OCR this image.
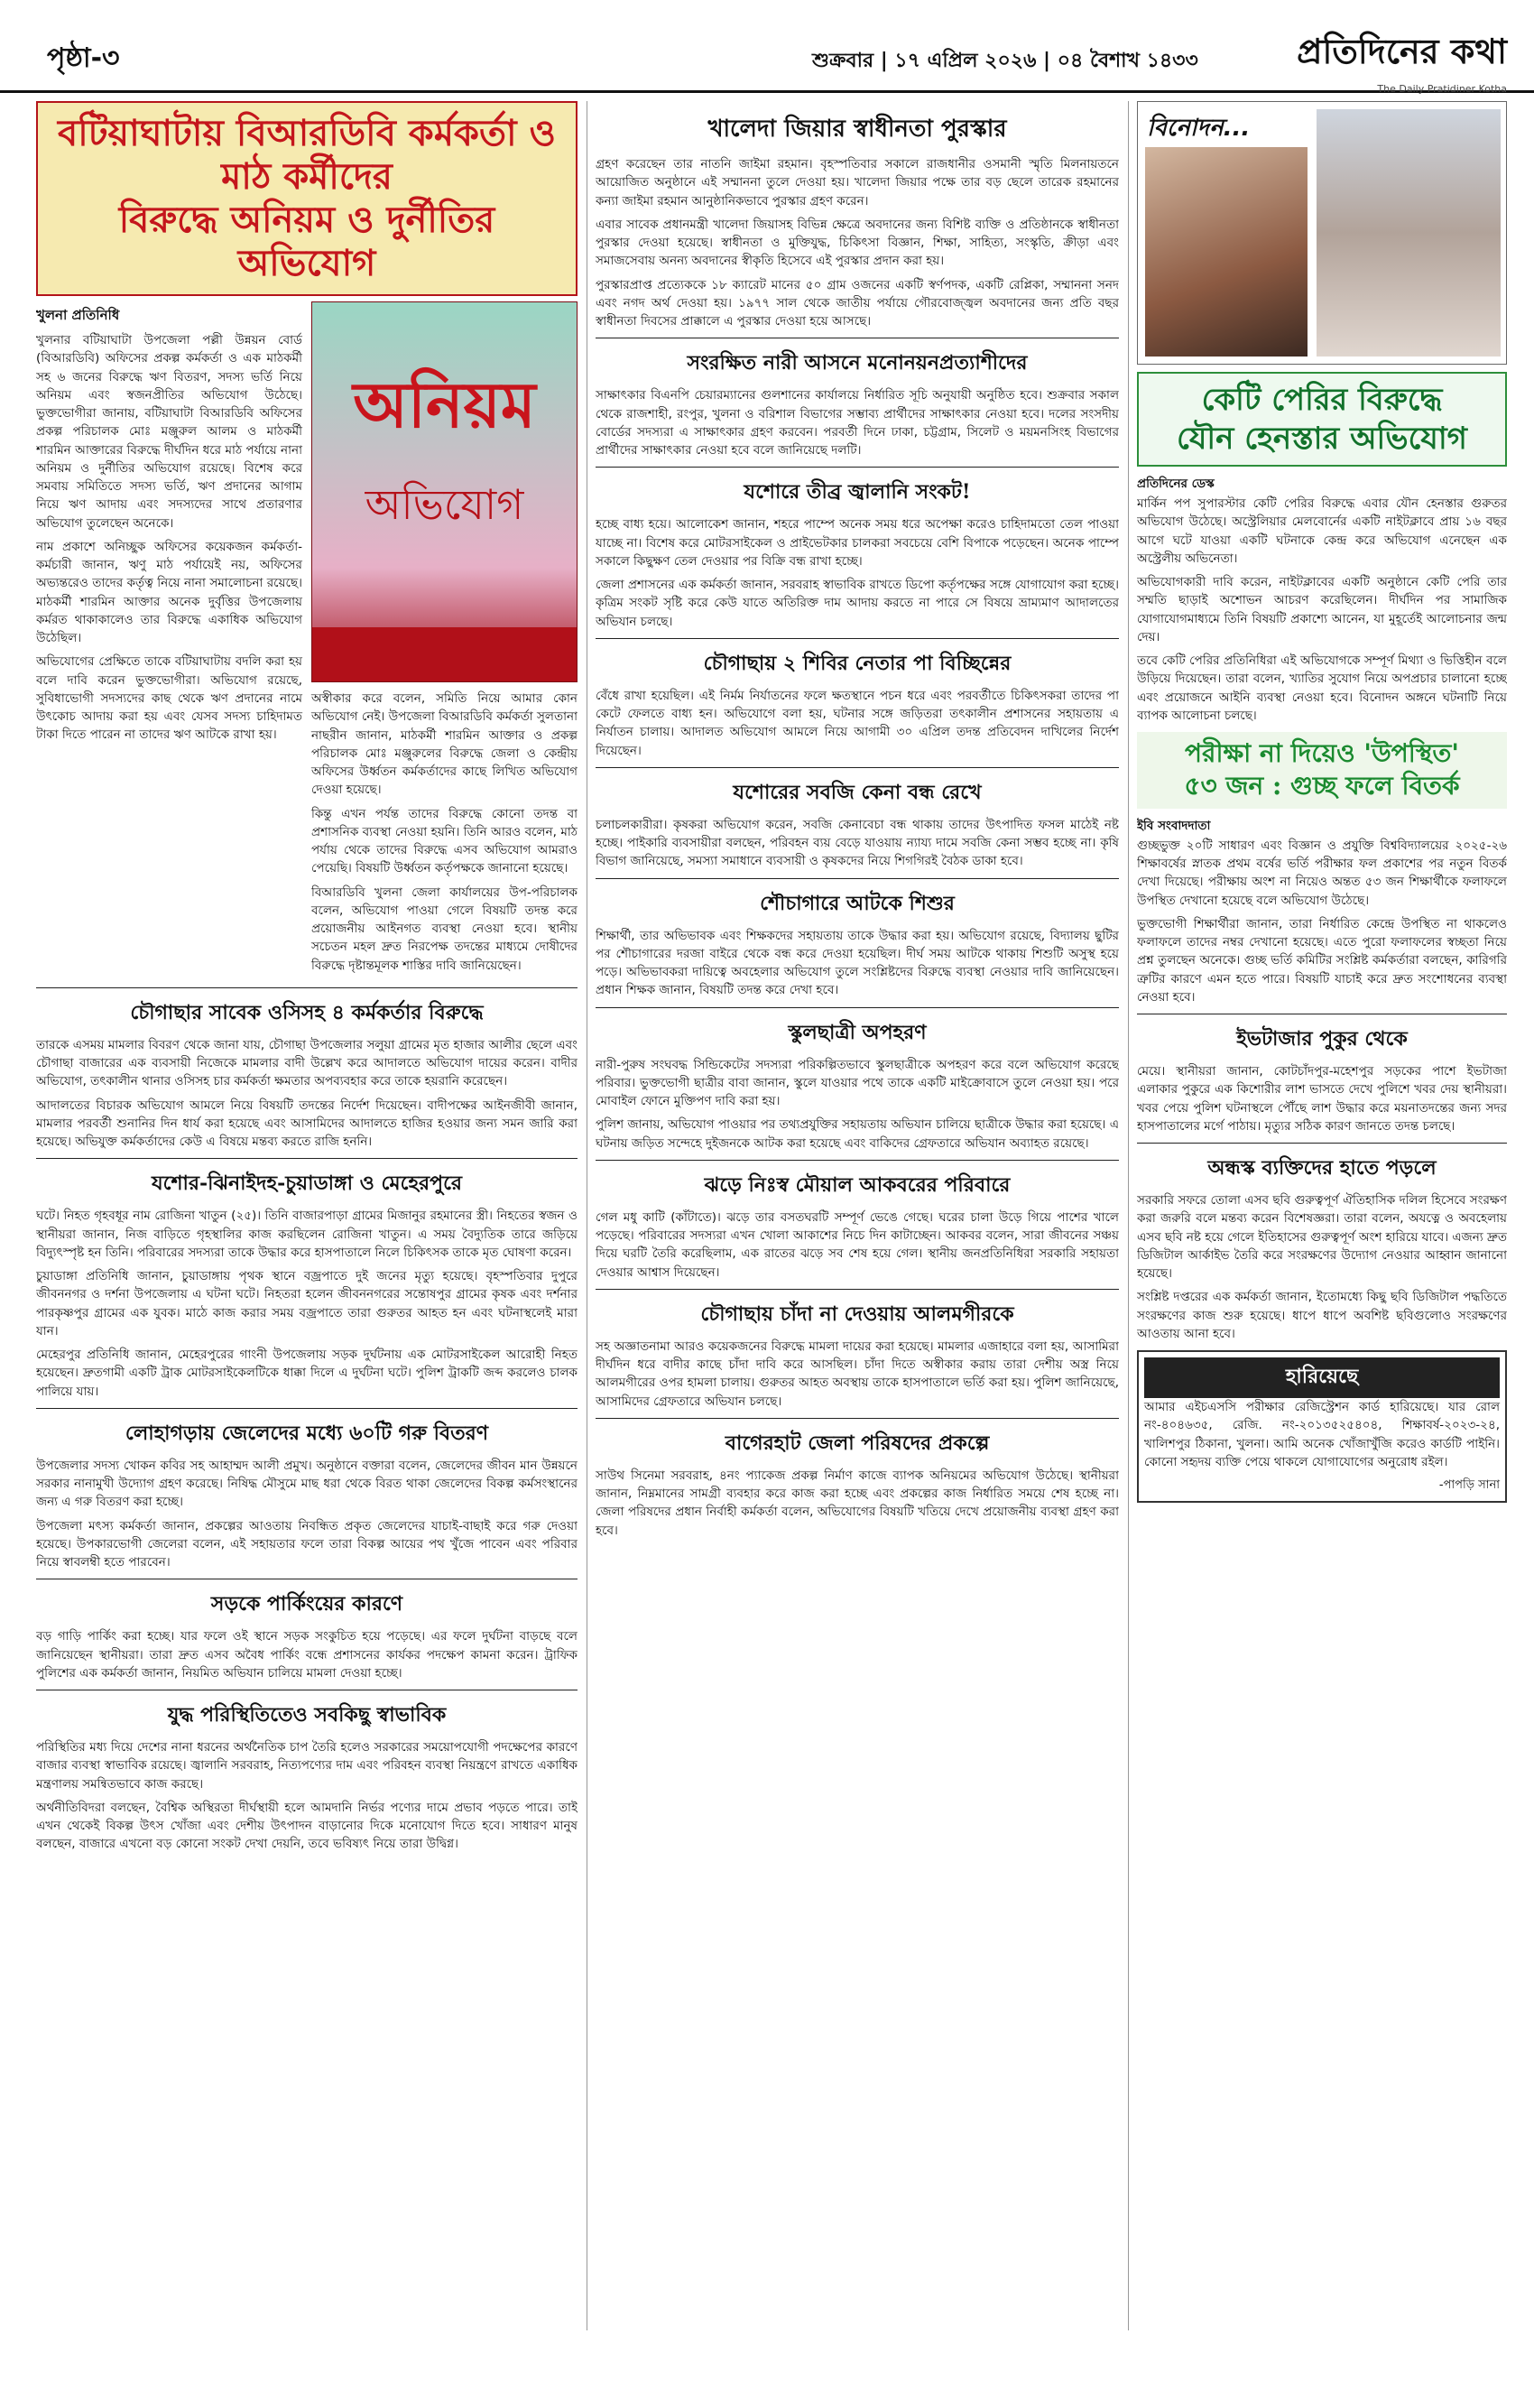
পৃষ্ঠা-৩	শুক্রবার | ১৭ এপ্রিল ২০২৬ | ০৪ বৈশাখ ১৪৩৩	প্রতিদিনের কথা
The Daily Pratidiner Kotha
বটিয়াঘাটায় বিআরডিবি কর্মকর্তা ও মাঠ কর্মীদের
বিরুদ্ধে অনিয়ম ও দুর্নীতির অভিযোগ
খুলনা প্রতিনিধি

খুলনার বটিয়াঘাটা উপজেলা পল্লী উন্নয়ন বোর্ড (বিআরডিবি) অফিসের প্রকল্প কর্মকর্তা ও এক মাঠকর্মী সহ ৬ জনের বিরুদ্ধে ঋণ বিতরণ, সদস্য ভর্তি নিয়ে অনিয়ম এবং স্বজনপ্রীতির অভিযোগ উঠেছে। ভুক্তভোগীরা জানায়, বটিয়াঘাটা বিআরডিবি অফিসের প্রকল্প পরিচালক মোঃ মঞ্জুরুল আলম ও মাঠকর্মী শারমিন আক্তারের বিরুদ্ধে দীর্ঘদিন ধরে মাঠ পর্যায়ে নানা অনিয়ম ও দুর্নীতির অভিযোগ রয়েছে। বিশেষ করে সমবায় সমিতিতে সদস্য ভর্তি, ঋণ প্রদানের আগাম নিয়ে ঋণ আদায় এবং সদস্যদের সাথে প্রতারণার অভিযোগ তুলেছেন অনেকে।

নাম প্রকাশে অনিচ্ছুক অফিসের কয়েকজন কর্মকর্তা-কর্মচারী জানান, ঋণু মাঠ পর্যায়েই নয়, অফিসের অভ্যন্তরেও তাদের কর্তৃত্ব নিয়ে নানা সমালোচনা রয়েছে। মাঠকর্মী শারমিন আক্তার অনেক দুর্বৃত্তির উপজেলায় কর্মরত থাকাকালেও তার বিরুদ্ধে একাধিক অভিযোগ উঠেছিল।

অভিযোগের প্রেক্ষিতে তাকে বটিয়াঘাটায় বদলি করা হয় বলে দাবি করেন ভুক্তভোগীরা। অভিযোগ রয়েছে, সুবিধাভোগী সদস্যদের কাছ থেকে ঋণ প্রদানের নামে উৎকোচ আদায় করা হয় এবং যেসব সদস্য চাহিদামত টাকা দিতে পারেন না তাদের ঋণ আটকে রাখা হয়।

অনিয়ম
অভিযোগ

অস্বীকার করে বলেন, সমিতি নিয়ে আমার কোন অভিযোগ নেই। উপজেলা বিআরডিবি কর্মকর্তা সুলতানা নাছরীন জানান, মাঠকর্মী শারমিন আক্তার ও প্রকল্প পরিচালক মোঃ মঞ্জুরুলের বিরুদ্ধে জেলা ও কেন্দ্রীয় অফিসের উর্ধ্বতন কর্মকর্তাদের কাছে লিখিত অভিযোগ দেওয়া হয়েছে।

কিন্তু এখন পর্যন্ত তাদের বিরুদ্ধে কোনো তদন্ত বা প্রশাসনিক ব্যবস্থা নেওয়া হয়নি। তিনি আরও বলেন, মাঠ পর্যায় থেকে তাদের বিরুদ্ধে এসব অভিযোগ আমরাও পেয়েছি। বিষয়টি উর্ধ্বতন কর্তৃপক্ষকে জানানো হয়েছে।

বিআরডিবি খুলনা জেলা কার্যালয়ের উপ-পরিচালক বলেন, অভিযোগ পাওয়া গেলে বিষয়টি তদন্ত করে প্রয়োজনীয় আইনগত ব্যবস্থা নেওয়া হবে। স্থানীয় সচেতন মহল দ্রুত নিরপেক্ষ তদন্তের মাধ্যমে দোষীদের বিরুদ্ধে দৃষ্টান্তমূলক শাস্তির দাবি জানিয়েছেন।

চৌগাছার সাবেক ওসিসহ ৪ কর্মকর্তার বিরুদ্ধে

তারকে এসময় মামলার বিবরণ থেকে জানা যায়, চৌগাছা উপজেলার সলুয়া গ্রামের মৃত হাজার আলীর ছেলে এবং চৌগাছা বাজারের এক ব্যবসায়ী নিজেকে মামলার বাদী উল্লেখ করে আদালতে অভিযোগ দায়ের করেন। বাদীর অভিযোগ, তৎকালীন থানার ওসিসহ চার কর্মকর্তা ক্ষমতার অপব্যবহার করে তাকে হয়রানি করেছেন।

আদালতের বিচারক অভিযোগ আমলে নিয়ে বিষয়টি তদন্তের নির্দেশ দিয়েছেন। বাদীপক্ষের আইনজীবী জানান, মামলার পরবর্তী শুনানির দিন ধার্য করা হয়েছে এবং আসামিদের আদালতে হাজির হওয়ার জন্য সমন জারি করা হয়েছে। অভিযুক্ত কর্মকর্তাদের কেউ এ বিষয়ে মন্তব্য করতে রাজি হননি।

যশোর-ঝিনাইদহ-চুয়াডাঙ্গা ও মেহেরপুরে

ঘটে। নিহত গৃহবধূর নাম রোজিনা খাতুন (২৫)। তিনি বাজারপাড়া গ্রামের মিজানুর রহমানের স্ত্রী। নিহতের স্বজন ও স্থানীয়রা জানান, নিজ বাড়িতে গৃহস্থালির কাজ করছিলেন রোজিনা খাতুন। এ সময় বৈদ্যুতিক তারে জড়িয়ে বিদ্যুৎস্পৃষ্ট হন তিনি। পরিবারের সদস্যরা তাকে উদ্ধার করে হাসপাতালে নিলে চিকিৎসক তাকে মৃত ঘোষণা করেন।

চুয়াডাঙ্গা প্রতিনিধি জানান, চুয়াডাঙ্গায় পৃথক স্থানে বজ্রপাতে দুই জনের মৃত্যু হয়েছে। বৃহস্পতিবার দুপুরে জীবননগর ও দর্শনা উপজেলায় এ ঘটনা ঘটে। নিহতরা হলেন জীবননগরের সন্তোষপুর গ্রামের কৃষক এবং দর্শনার পারকৃষ্ণপুর গ্রামের এক যুবক। মাঠে কাজ করার সময় বজ্রপাতে তারা গুরুতর আহত হন এবং ঘটনাস্থলেই মারা যান।

মেহেরপুর প্রতিনিধি জানান, মেহেরপুরের গাংনী উপজেলায় সড়ক দুর্ঘটনায় এক মোটরসাইকেল আরোহী নিহত হয়েছেন। দ্রুতগামী একটি ট্রাক মোটরসাইকেলটিকে ধাক্কা দিলে এ দুর্ঘটনা ঘটে। পুলিশ ট্রাকটি জব্দ করলেও চালক পালিয়ে যায়।

লোহাগড়ায় জেলেদের মধ্যে ৬০টি গরু বিতরণ

উপজেলার সদস্য খোকন কবির সহ আহাম্মদ আলী প্রমুখ। অনুষ্ঠানে বক্তারা বলেন, জেলেদের জীবন মান উন্নয়নে সরকার নানামুখী উদ্যোগ গ্রহণ করেছে। নিষিদ্ধ মৌসুমে মাছ ধরা থেকে বিরত থাকা জেলেদের বিকল্প কর্মসংস্থানের জন্য এ গরু বিতরণ করা হচ্ছে।

উপজেলা মৎস্য কর্মকর্তা জানান, প্রকল্পের আওতায় নিবন্ধিত প্রকৃত জেলেদের যাচাই-বাছাই করে গরু দেওয়া হয়েছে। উপকারভোগী জেলেরা বলেন, এই সহায়তার ফলে তারা বিকল্প আয়ের পথ খুঁজে পাবেন এবং পরিবার নিয়ে স্বাবলম্বী হতে পারবেন।

সড়কে পার্কিংয়ের কারণে

বড় গাড়ি পার্কিং করা হচ্ছে। যার ফলে ওই স্থানে সড়ক সংকুচিত হয়ে পড়েছে। এর ফলে দুর্ঘটনা বাড়ছে বলে জানিয়েছেন স্থানীয়রা। তারা দ্রুত এসব অবৈধ পার্কিং বন্ধে প্রশাসনের কার্যকর পদক্ষেপ কামনা করেন। ট্রাফিক পুলিশের এক কর্মকর্তা জানান, নিয়মিত অভিযান চালিয়ে মামলা দেওয়া হচ্ছে।

যুদ্ধ পরিস্থিতিতেও সবকিছু স্বাভাবিক

পরিস্থিতির মধ্য দিয়ে দেশের নানা ধরনের অর্থনৈতিক চাপ তৈরি হলেও সরকারের সময়োপযোগী পদক্ষেপের কারণে বাজার ব্যবস্থা স্বাভাবিক রয়েছে। জ্বালানি সরবরাহ, নিত্যপণ্যের দাম এবং পরিবহন ব্যবস্থা নিয়ন্ত্রণে রাখতে একাধিক মন্ত্রণালয় সমন্বিতভাবে কাজ করছে।

অর্থনীতিবিদরা বলছেন, বৈশ্বিক অস্থিরতা দীর্ঘস্থায়ী হলে আমদানি নির্ভর পণ্যের দামে প্রভাব পড়তে পারে। তাই এখন থেকেই বিকল্প উৎস খোঁজা এবং দেশীয় উৎপাদন বাড়ানোর দিকে মনোযোগ দিতে হবে। সাধারণ মানুষ বলছেন, বাজারে এখনো বড় কোনো সংকট দেখা দেয়নি, তবে ভবিষ্যৎ নিয়ে তারা উদ্বিগ্ন।

খালেদা জিয়ার স্বাধীনতা পুরস্কার

গ্রহণ করেছেন তার নাতনি জাইমা রহমান। বৃহস্পতিবার সকালে রাজধানীর ওসমানী স্মৃতি মিলনায়তনে আয়োজিত অনুষ্ঠানে এই সম্মাননা তুলে দেওয়া হয়। খালেদা জিয়ার পক্ষে তার বড় ছেলে তারেক রহমানের কন্যা জাইমা রহমান আনুষ্ঠানিকভাবে পুরস্কার গ্রহণ করেন।

এবার সাবেক প্রধানমন্ত্রী খালেদা জিয়াসহ বিভিন্ন ক্ষেত্রে অবদানের জন্য বিশিষ্ট ব্যক্তি ও প্রতিষ্ঠানকে স্বাধীনতা পুরস্কার দেওয়া হয়েছে। স্বাধীনতা ও মুক্তিযুদ্ধ, চিকিৎসা বিজ্ঞান, শিক্ষা, সাহিত্য, সংস্কৃতি, ক্রীড়া এবং সমাজসেবায় অনন্য অবদানের স্বীকৃতি হিসেবে এই পুরস্কার প্রদান করা হয়।

পুরস্কারপ্রাপ্ত প্রত্যেককে ১৮ ক্যারেট মানের ৫০ গ্রাম ওজনের একটি স্বর্ণপদক, একটি রেপ্লিকা, সম্মাননা সনদ এবং নগদ অর্থ দেওয়া হয়। ১৯৭৭ সাল থেকে জাতীয় পর্যায়ে গৌরবোজ্জ্বল অবদানের জন্য প্রতি বছর স্বাধীনতা দিবসের প্রাক্কালে এ পুরস্কার দেওয়া হয়ে আসছে।

সংরক্ষিত নারী আসনে মনোনয়নপ্রত্যাশীদের

সাক্ষাৎকার বিএনপি চেয়ারম্যানের গুলশানের কার্যালয়ে নির্ধারিত সূচি অনুযায়ী অনুষ্ঠিত হবে। শুক্রবার সকাল থেকে রাজশাহী, রংপুর, খুলনা ও বরিশাল বিভাগের সম্ভাব্য প্রার্থীদের সাক্ষাৎকার নেওয়া হবে। দলের সংসদীয় বোর্ডের সদস্যরা এ সাক্ষাৎকার গ্রহণ করবেন। পরবর্তী দিনে ঢাকা, চট্টগ্রাম, সিলেট ও ময়মনসিংহ বিভাগের প্রার্থীদের সাক্ষাৎকার নেওয়া হবে বলে জানিয়েছে দলটি।

যশোরে তীব্র জ্বালানি সংকট!

হচ্ছে বাধ্য হয়ে। আলোকেশ জানান, শহরে পাম্পে অনেক সময় ধরে অপেক্ষা করেও চাহিদামতো তেল পাওয়া যাচ্ছে না। বিশেষ করে মোটরসাইকেল ও প্রাইভেটকার চালকরা সবচেয়ে বেশি বিপাকে পড়েছেন। অনেক পাম্পে সকালে কিছুক্ষণ তেল দেওয়ার পর বিক্রি বন্ধ রাখা হচ্ছে।

জেলা প্রশাসনের এক কর্মকর্তা জানান, সরবরাহ স্বাভাবিক রাখতে ডিপো কর্তৃপক্ষের সঙ্গে যোগাযোগ করা হচ্ছে। কৃত্রিম সংকট সৃষ্টি করে কেউ যাতে অতিরিক্ত দাম আদায় করতে না পারে সে বিষয়ে ভ্রাম্যমাণ আদালতের অভিযান চলছে।

চৌগাছায় ২ শিবির নেতার পা বিচ্ছিন্নের

বেঁধে রাখা হয়েছিল। এই নির্মম নির্যাতনের ফলে ক্ষতস্থানে পচন ধরে এবং পরবর্তীতে চিকিৎসকরা তাদের পা কেটে ফেলতে বাধ্য হন। অভিযোগে বলা হয়, ঘটনার সঙ্গে জড়িতরা তৎকালীন প্রশাসনের সহায়তায় এ নির্যাতন চালায়। আদালত অভিযোগ আমলে নিয়ে আগামী ৩০ এপ্রিল তদন্ত প্রতিবেদন দাখিলের নির্দেশ দিয়েছেন।

যশোরের সবজি কেনা বন্ধ রেখে

চলাচলকারীরা। কৃষকরা অভিযোগ করেন, সবজি কেনাবেচা বন্ধ থাকায় তাদের উৎপাদিত ফসল মাঠেই নষ্ট হচ্ছে। পাইকারি ব্যবসায়ীরা বলছেন, পরিবহন ব্যয় বেড়ে যাওয়ায় ন্যায্য দামে সবজি কেনা সম্ভব হচ্ছে না। কৃষি বিভাগ জানিয়েছে, সমস্যা সমাধানে ব্যবসায়ী ও কৃষকদের নিয়ে শিগগিরই বৈঠক ডাকা হবে।

শৌচাগারে আটকে শিশুর

শিক্ষার্থী, তার অভিভাবক এবং শিক্ষকদের সহায়তায় তাকে উদ্ধার করা হয়। অভিযোগ রয়েছে, বিদ্যালয় ছুটির পর শৌচাগারের দরজা বাইরে থেকে বন্ধ করে দেওয়া হয়েছিল। দীর্ঘ সময় আটকে থাকায় শিশুটি অসুস্থ হয়ে পড়ে। অভিভাবকরা দায়িত্বে অবহেলার অভিযোগ তুলে সংশ্লিষ্টদের বিরুদ্ধে ব্যবস্থা নেওয়ার দাবি জানিয়েছেন। প্রধান শিক্ষক জানান, বিষয়টি তদন্ত করে দেখা হবে।

স্কুলছাত্রী অপহরণ

নারী-পুরুষ সংঘবদ্ধ সিন্ডিকেটের সদস্যরা পরিকল্পিতভাবে স্কুলছাত্রীকে অপহরণ করে বলে অভিযোগ করেছে পরিবার। ভুক্তভোগী ছাত্রীর বাবা জানান, স্কুলে যাওয়ার পথে তাকে একটি মাইক্রোবাসে তুলে নেওয়া হয়। পরে মোবাইল ফোনে মুক্তিপণ দাবি করা হয়।

পুলিশ জানায়, অভিযোগ পাওয়ার পর তথ্যপ্রযুক্তির সহায়তায় অভিযান চালিয়ে ছাত্রীকে উদ্ধার করা হয়েছে। এ ঘটনায় জড়িত সন্দেহে দুইজনকে আটক করা হয়েছে এবং বাকিদের গ্রেফতারে অভিযান অব্যাহত রয়েছে।

ঝড়ে নিঃস্ব মৌয়াল আকবরের পরিবারে

গেল মধু কাটি (কাঁটাতে)। ঝড়ে তার বসতঘরটি সম্পূর্ণ ভেঙে গেছে। ঘরের চালা উড়ে গিয়ে পাশের খালে পড়েছে। পরিবারের সদস্যরা এখন খোলা আকাশের নিচে দিন কাটাচ্ছেন। আকবর বলেন, সারা জীবনের সঞ্চয় দিয়ে ঘরটি তৈরি করেছিলাম, এক রাতের ঝড়ে সব শেষ হয়ে গেল। স্থানীয় জনপ্রতিনিধিরা সরকারি সহায়তা দেওয়ার আশ্বাস দিয়েছেন।

চৌগাছায় চাঁদা না দেওয়ায় আলমগীরকে

সহ অজ্ঞাতনামা আরও কয়েকজনের বিরুদ্ধে মামলা দায়ের করা হয়েছে। মামলার এজাহারে বলা হয়, আসামিরা দীর্ঘদিন ধরে বাদীর কাছে চাঁদা দাবি করে আসছিল। চাঁদা দিতে অস্বীকার করায় তারা দেশীয় অস্ত্র নিয়ে আলমগীরের ওপর হামলা চালায়। গুরুতর আহত অবস্থায় তাকে হাসপাতালে ভর্তি করা হয়। পুলিশ জানিয়েছে, আসামিদের গ্রেফতারে অভিযান চলছে।

বাগেরহাট জেলা পরিষদের প্রকল্পে

সাউথ সিনেমা সরবরাহ, ৪নং প্যাকেজ প্রকল্প নির্মাণ কাজে ব্যাপক অনিয়মের অভিযোগ উঠেছে। স্থানীয়রা জানান, নিম্নমানের সামগ্রী ব্যবহার করে কাজ করা হচ্ছে এবং প্রকল্পের কাজ নির্ধারিত সময়ে শেষ হচ্ছে না। জেলা পরিষদের প্রধান নির্বাহী কর্মকর্তা বলেন, অভিযোগের বিষয়টি খতিয়ে দেখে প্রয়োজনীয় ব্যবস্থা গ্রহণ করা হবে।

বিনোদন...
কেটি পেরির বিরুদ্ধে
যৌন হেনস্তার অভিযোগ
প্রতিদিনের ডেস্ক

মার্কিন পপ সুপারস্টার কেটি পেরির বিরুদ্ধে এবার যৌন হেনস্তার গুরুতর অভিযোগ উঠেছে। অস্ট্রেলিয়ার মেলবোর্নের একটি নাইটক্লাবে প্রায় ১৬ বছর আগে ঘটে যাওয়া একটি ঘটনাকে কেন্দ্র করে অভিযোগ এনেছেন এক অস্ট্রেলীয় অভিনেতা।

অভিযোগকারী দাবি করেন, নাইটক্লাবের একটি অনুষ্ঠানে কেটি পেরি তার সম্মতি ছাড়াই অশোভন আচরণ করেছিলেন। দীর্ঘদিন পর সামাজিক যোগাযোগমাধ্যমে তিনি বিষয়টি প্রকাশ্যে আনেন, যা মুহূর্তেই আলোচনার জন্ম দেয়।

তবে কেটি পেরির প্রতিনিধিরা এই অভিযোগকে সম্পূর্ণ মিথ্যা ও ভিত্তিহীন বলে উড়িয়ে দিয়েছেন। তারা বলেন, খ্যাতির সুযোগ নিয়ে অপপ্রচার চালানো হচ্ছে এবং প্রয়োজনে আইনি ব্যবস্থা নেওয়া হবে। বিনোদন অঙ্গনে ঘটনাটি নিয়ে ব্যাপক আলোচনা চলছে।

পরীক্ষা না দিয়েও 'উপস্থিত'
৫৩ জন : গুচ্ছ ফলে বিতর্ক
ইবি সংবাদদাতা

গুচ্ছভুক্ত ২০টি সাধারণ এবং বিজ্ঞান ও প্রযুক্তি বিশ্ববিদ্যালয়ের ২০২৫-২৬ শিক্ষাবর্ষের স্নাতক প্রথম বর্ষের ভর্তি পরীক্ষার ফল প্রকাশের পর নতুন বিতর্ক দেখা দিয়েছে। পরীক্ষায় অংশ না নিয়েও অন্তত ৫৩ জন শিক্ষার্থীকে ফলাফলে উপস্থিত দেখানো হয়েছে বলে অভিযোগ উঠেছে।

ভুক্তভোগী শিক্ষার্থীরা জানান, তারা নির্ধারিত কেন্দ্রে উপস্থিত না থাকলেও ফলাফলে তাদের নম্বর দেখানো হয়েছে। এতে পুরো ফলাফলের স্বচ্ছতা নিয়ে প্রশ্ন তুলছেন অনেকে। গুচ্ছ ভর্তি কমিটির সংশ্লিষ্ট কর্মকর্তারা বলছেন, কারিগরি ত্রুটির কারণে এমন হতে পারে। বিষয়টি যাচাই করে দ্রুত সংশোধনের ব্যবস্থা নেওয়া হবে।

ইভটাজার পুকুর থেকে

মেয়ে। স্থানীয়রা জানান, কোটচাঁদপুর-মহেশপুর সড়কের পাশে ইভটাজা এলাকার পুকুরে এক কিশোরীর লাশ ভাসতে দেখে পুলিশে খবর দেয় স্থানীয়রা। খবর পেয়ে পুলিশ ঘটনাস্থলে পৌঁছে লাশ উদ্ধার করে ময়নাতদন্তের জন্য সদর হাসপাতালের মর্গে পাঠায়। মৃত্যুর সঠিক কারণ জানতে তদন্ত চলছে।

অন্ধস্ক ব্যক্তিদের হাতে পড়লে

সরকারি সফরে তোলা এসব ছবি গুরুত্বপূর্ণ ঐতিহাসিক দলিল হিসেবে সংরক্ষণ করা জরুরি বলে মন্তব্য করেন বিশেষজ্ঞরা। তারা বলেন, অযত্নে ও অবহেলায় এসব ছবি নষ্ট হয়ে গেলে ইতিহাসের গুরুত্বপূর্ণ অংশ হারিয়ে যাবে। এজন্য দ্রুত ডিজিটাল আর্কাইভ তৈরি করে সংরক্ষণের উদ্যোগ নেওয়ার আহ্বান জানানো হয়েছে।

সংশ্লিষ্ট দপ্তরের এক কর্মকর্তা জানান, ইতোমধ্যে কিছু ছবি ডিজিটাল পদ্ধতিতে সংরক্ষণের কাজ শুরু হয়েছে। ধাপে ধাপে অবশিষ্ট ছবিগুলোও সংরক্ষণের আওতায় আনা হবে।

হারিয়েছে

আমার এইচএসসি পরীক্ষার রেজিস্ট্রেশন কার্ড হারিয়েছে। যার রোল নং-৪০৪৬৩৫, রেজি. নং-২০১৩৫২৫৪০৪, শিক্ষাবর্ষ-২০২৩-২৪, খালিশপুর ঠিকানা, খুলনা। আমি অনেক খোঁজাখুঁজি করেও কার্ডটি পাইনি। কোনো সহৃদয় ব্যক্তি পেয়ে থাকলে যোগাযোগের অনুরোধ রইল।

-পাপড়ি সানা
